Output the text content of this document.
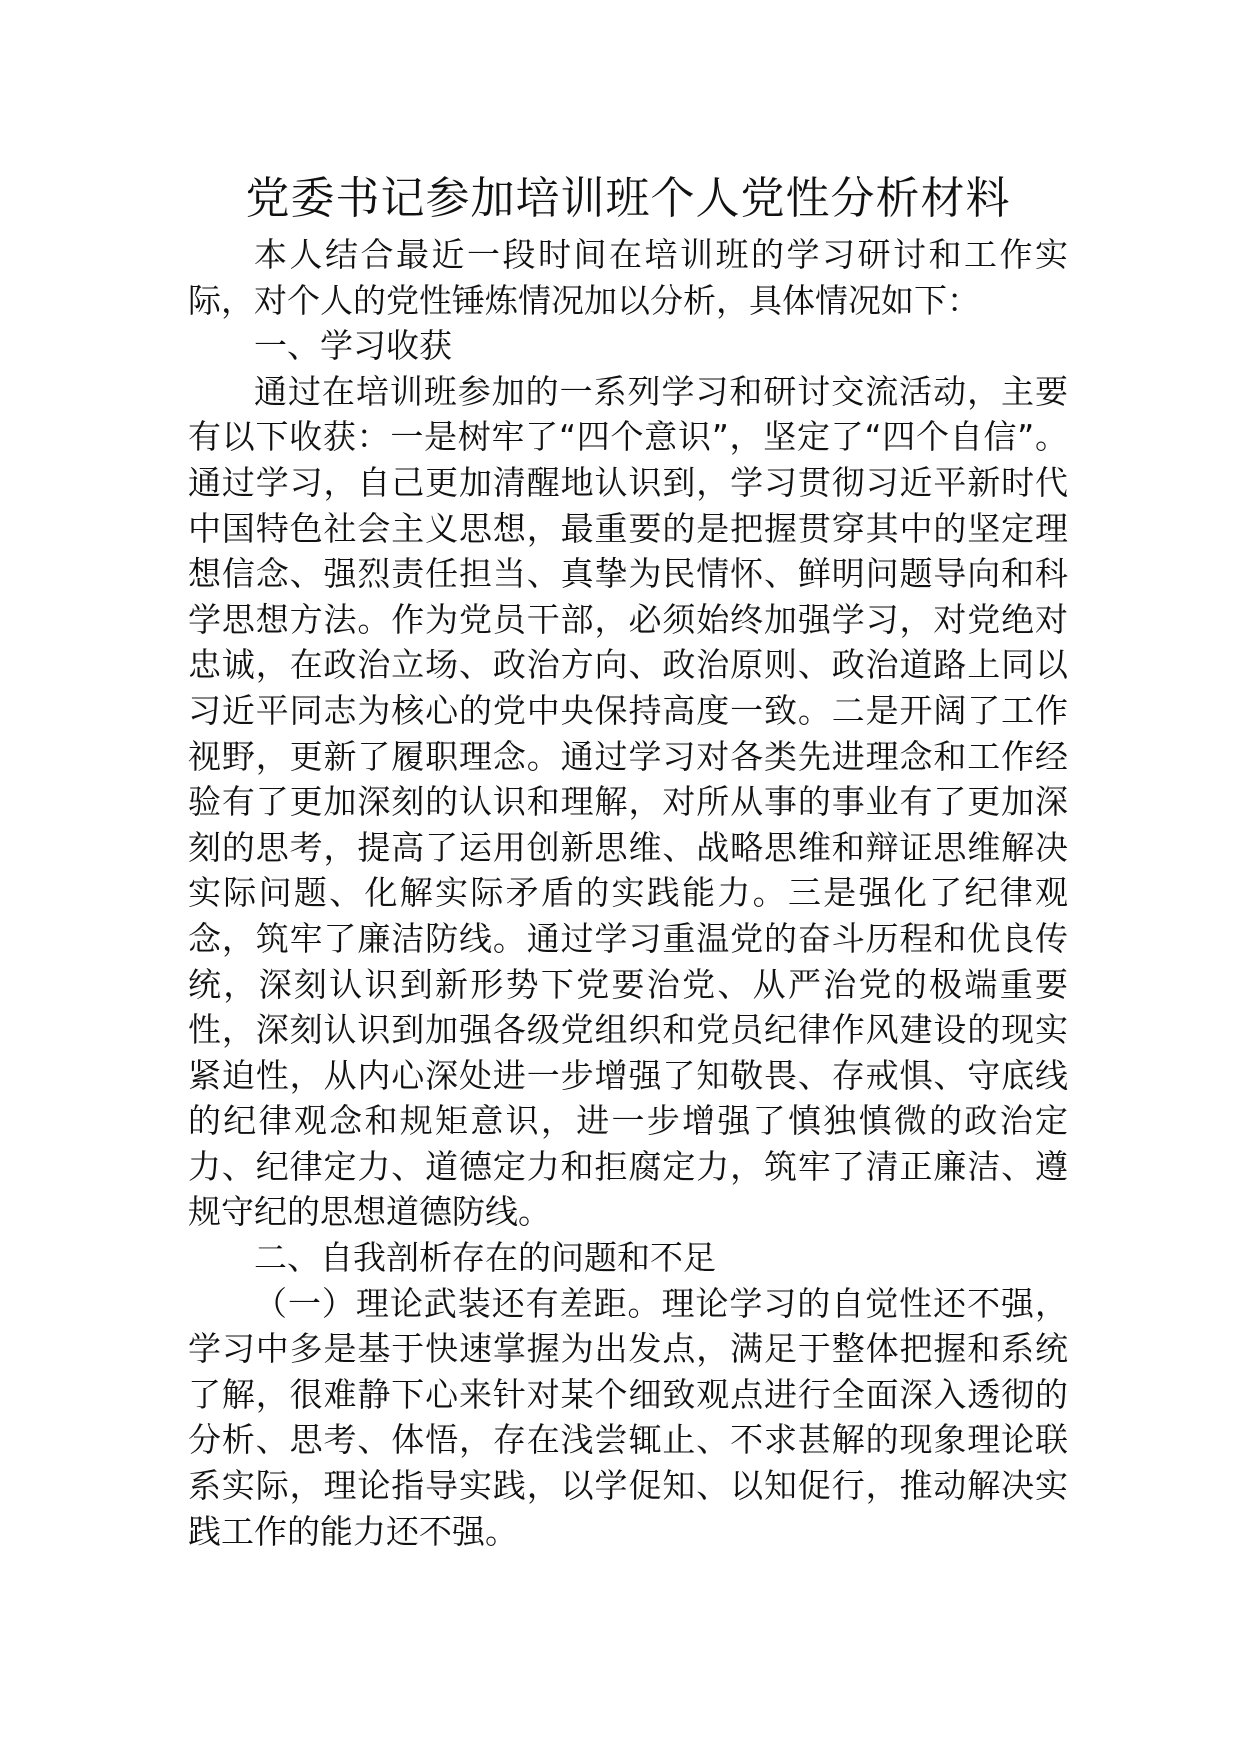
党委书记参加培训班个人党性分析材料

本人结合最近一段时间在培训班的学习研讨和工作实际，对个人的党性锤炼情况加以分析，具体情况如下：

一、学习收获

通过在培训班参加的一系列学习和研讨交流活动，主要有以下收获：一是树牢了“四个意识”，坚定了“四个自信”。通过学习，自己更加清醒地认识到，学习贯彻习近平新时代中国特色社会主义思想，最重要的是把握贯穿其中的坚定理想信念、强烈责任担当、真挚为民情怀、鲜明问题导向和科学思想方法。作为党员干部，必须始终加强学习，对党绝对忠诚，在政治立场、政治方向、政治原则、政治道路上同以习近平同志为核心的党中央保持高度一致。二是开阔了工作视野，更新了履职理念。通过学习对各类先进理念和工作经验有了更加深刻的认识和理解，对所从事的事业有了更加深刻的思考，提高了运用创新思维、战略思维和辩证思维解决实际问题、化解实际矛盾的实践能力。三是强化了纪律观念，筑牢了廉洁防线。通过学习重温党的奋斗历程和优良传统，深刻认识到新形势下党要治党、从严治党的极端重要性，深刻认识到加强各级党组织和党员纪律作风建设的现实紧迫性，从内心深处进一步增强了知敬畏、存戒惧、守底线的纪律观念和规矩意识，进一步增强了慎独慎微的政治定力、纪律定力、道德定力和拒腐定力，筑牢了清正廉洁、遵规守纪的思想道德防线。

二、自我剖析存在的问题和不足

（一）理论武装还有差距。理论学习的自觉性还不强，学习中多是基于快速掌握为出发点，满足于整体把握和系统了解，很难静下心来针对某个细致观点进行全面深入透彻的分析、思考、体悟，存在浅尝辄止、不求甚解的现象理论联系实际，理论指导实践，以学促知、以知促行，推动解决实践工作的能力还不强。
